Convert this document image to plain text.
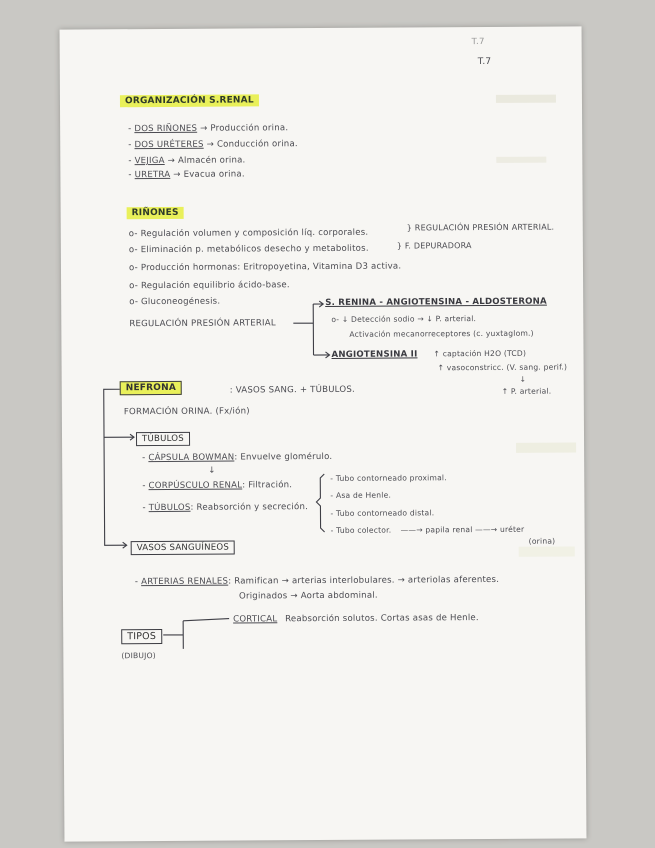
T.7
T.7
ORGANIZACIÓN S.RENAL
- DOS RIÑONES → Producción orina.
- DOS URÉTERES → Conducción orina.
- VEJIGA → Almacén orina.
- URETRA → Evacua orina.
RIÑONES
o- Regulación volumen y composición líq. corporales.
o- Eliminación p. metabólicos desecho y metabolitos.
o- Producción hormonas: Eritropoyetina, Vitamina D3 activa.
o- Regulación equilibrio ácido-base.
o- Gluconeogénesis.
} REGULACIÓN PRESIÓN ARTERIAL.
} F. DEPURADORA
REGULACIÓN PRESIÓN ARTERIAL
S. RENINA - ANGIOTENSINA - ALDOSTERONA
o- ↓ Detección sodio → ↓ P. arterial.
Activación mecanorreceptores (c. yuxtaglom.)
ANGIOTENSINA II ↑ captación H2O (TCD)
↑ vasoconstricc. (V. sang. perif.)
↓
↑ P. arterial.
NEFRONA	: VASOS SANG. + TÚBULOS.
FORMACIÓN ORINA. (Fx/ión)
TÚBULOS
- CÁPSULA BOWMAN: Envuelve glomérulo.
↓
- CORPÚSCULO RENAL: Filtración.
- TÚBULOS: Reabsorción y secreción.
- Tubo contorneado proximal.
- Asa de Henle.
- Tubo contorneado distal.
- Tubo colector. ——→ papila renal ——→ uréter
(orina)
VASOS SANGUÍNEOS
- ARTERIAS RENALES: Ramifican → arterias interlobulares. → arteriolas aferentes.
Originados → Aorta abdominal.
TIPOS
(DIBUJO)
CORTICAL Reabsorción solutos. Cortas asas de Henle.
